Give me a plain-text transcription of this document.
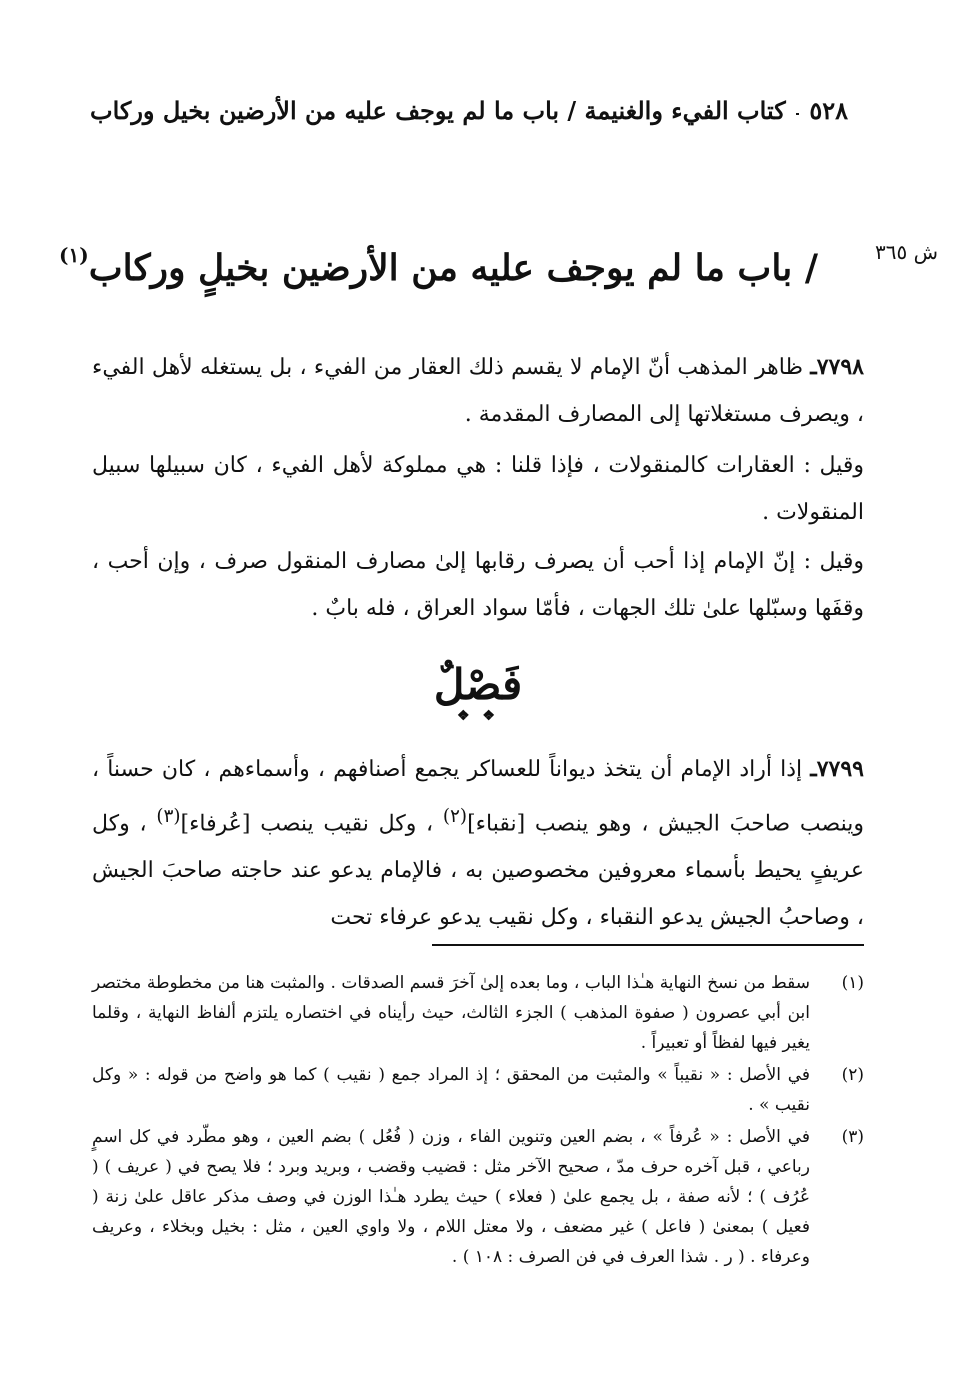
٥٢٨
كتاب الفيء والغنيمة / باب ما لم يوجف عليه من الأرضين بخيل وركاب
ش ٣٦٥
/ باب ما لم يوجف عليه من الأرضين بخيلٍ وركاب$^{(١)}$
٧٧٩٨ـ ظاهر المذهب أنّ الإمام لا يقسم ذلك العقار من الفيء ، بل يستغله لأهل الفيء ، ويصرف مستغلاتها إلى المصارف المقدمة .
وقيل : العقارات كالمنقولات ، فإذا قلنا : هي مملوكة لأهل الفيء ، كان سبيلها سبيل المنقولات .
وقيل : إنّ الإمام إذا أحب أن يصرف رقابها إلىٰ مصارف المنقول صرف ، وإن أحب ، وقفَها وسبّلها علىٰ تلك الجهات ، فأمّا سواد العراق ، فله بابٌ .
فَصْلٌ
❖ ❖
٧٧٩٩ـ إذا أراد الإمام أن يتخذ ديواناً للعساكر يجمع أصنافهم ، وأسماءهم ، كان حسناً ، وينصب صاحبَ الجيش ، وهو ينصب [نقباء]$^{(٢)}$ ، وكل نقيب ينصب [عُرفاء]$^{(٣)}$ ، وكل عريفٍ يحيط بأسماء معروفين مخصوصين به ، فالإمام يدعو عند حاجته صاحبَ الجيش ، وصاحبُ الجيش يدعو النقباء ، وكل نقيب يدعو عرفاء تحت
(١)
سقط من نسخ النهاية هـٰذا الباب ، وما بعده إلىٰ آخرَ قسم الصدقات . والمثبت هنا من مخطوطة مختصر ابن أبي عصرون ( صفوة المذهب ) الجزء الثالث، حيث رأيناه في اختصاره يلتزم ألفاظ النهاية ، وقلما يغير فيها لفظاً أو تعبيراً .
(٢)
في الأصل : « نقيباً » والمثبت من المحقق ؛ إذ المراد جمع ( نقيب ) كما هو واضح من قوله : « وكل نقيب » .
(٣)
في الأصل : « عُرفاً » ، بضم العين وتنوين الفاء ، وزن ( فُعُل ) بضم العين ، وهو مطّرد في كل اسمٍ رباعي ، قبل آخره حرف مدّ ، صحيح الآخر مثل : قضيب وقضب ، وبريد وبرد ؛ فلا يصح في ( عريف ) ( عُرُف ) ؛ لأنه صفة ، بل يجمع علىٰ ( فعلاء ) حيث يطرد هـٰذا الوزن في وصف مذكر عاقل علىٰ زنة ( فعيل ) بمعنىٰ ( فاعل ) غير مضعف ، ولا معتل اللام ، ولا واوي العين ، مثل : بخيل وبخلاء ، وعريف وعرفاء . ( ر . شذا العرف في فن الصرف : ١٠٨ ) .
